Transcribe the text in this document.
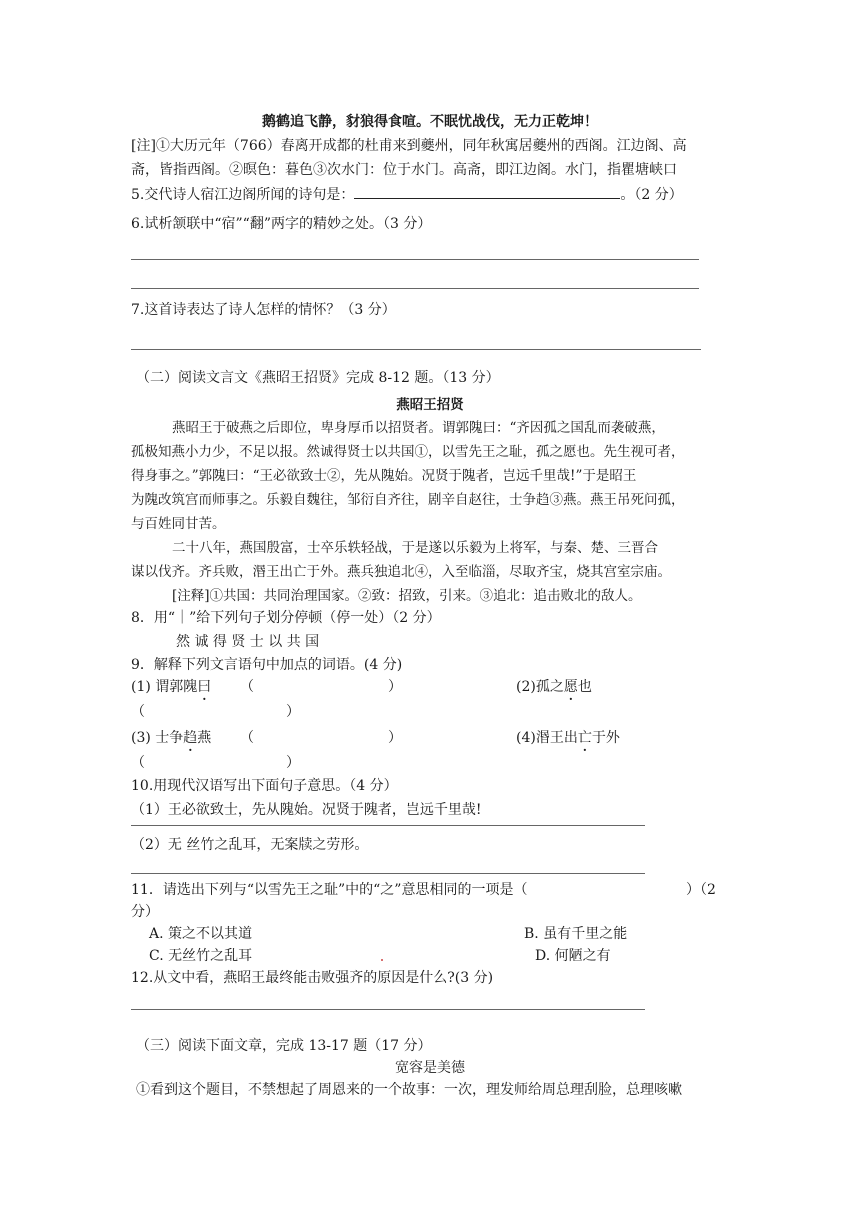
鹅鹤追飞静，豺狼得食喧。不眠忧战伐，无力正乾坤！
[注]①大历元年（766）春离开成都的杜甫来到夔州，同年秋寓居夔州的西阁。江边阁、高
斋，皆指西阁。②暝色：暮色③次水门：位于水门。高斋，即江边阁。水门，指瞿塘峡口
5.交代诗人宿江边阁所闻的诗句是：	。（2 分）
6.试析颔联中“宿”“翻”两字的精妙之处。（3 分）
7.这首诗表达了诗人怎样的情怀？（3 分）
（二）阅读文言文《燕昭王招贤》完成 8-12 题。（13 分）
燕昭王招贤
燕昭王于破燕之后即位，卑身厚币以招贤者。谓郭隗曰：“齐因孤之国乱而袭破燕，
孤极知燕小力少，不足以报。然诚得贤士以共国①，以雪先王之耻，孤之愿也。先生视可者，
得身事之。”郭隗曰：“王必欲致士②，先从隗始。况贤于隗者，岂远千里哉!”于是昭王
为隗改筑宫而师事之。乐毅自魏往，邹衍自齐往，剧辛自赵往，士争趋③燕。燕王吊死问孤，
与百姓同甘苦。
二十八年，燕国殷富，士卒乐轶轻战，于是遂以乐毅为上将军，与秦、楚、三晋合
谋以伐齐。齐兵败，湣王出亡于外。燕兵独追北④，入至临淄，尽取齐宝，烧其宫室宗庙。
[注释]①共国：共同治理国家。②致：招致，引来。③追北：追击败北的敌人。
8．用“｜”给下列句子划分停顿（停一处）（2 分）
然 诚 得 贤 士 以 共 国
9．解释下列文言语句中加点的词语。(4 分)
(1) 谓郭隗曰 （	）	(2)孤之愿也
（	）
(3) 士争趋燕 （	）	(4)湣王出亡于外
（	）
10.用现代汉语写出下面句子意思。（4 分）
（1）王必欲致士，先从隗始。况贤于隗者，岂远千里哉!
（2）无 丝竹之乱耳，无案牍之劳形。
11．请选出下列与“以雪先王之耻”中的“之”意思相同的一项是（	）（2
分）
A. 策之不以其道	B. 虽有千里之能
C. 无丝竹之乱耳	D. 何陋之有
12.从文中看，燕昭王最终能击败强齐的原因是什么?(3 分)
（三）阅读下面文章，完成 13-17 题（17 分）
宽容是美德
①看到这个题目，不禁想起了周恩来的一个故事：一次，理发师给周总理刮脸，总理咳嗽
